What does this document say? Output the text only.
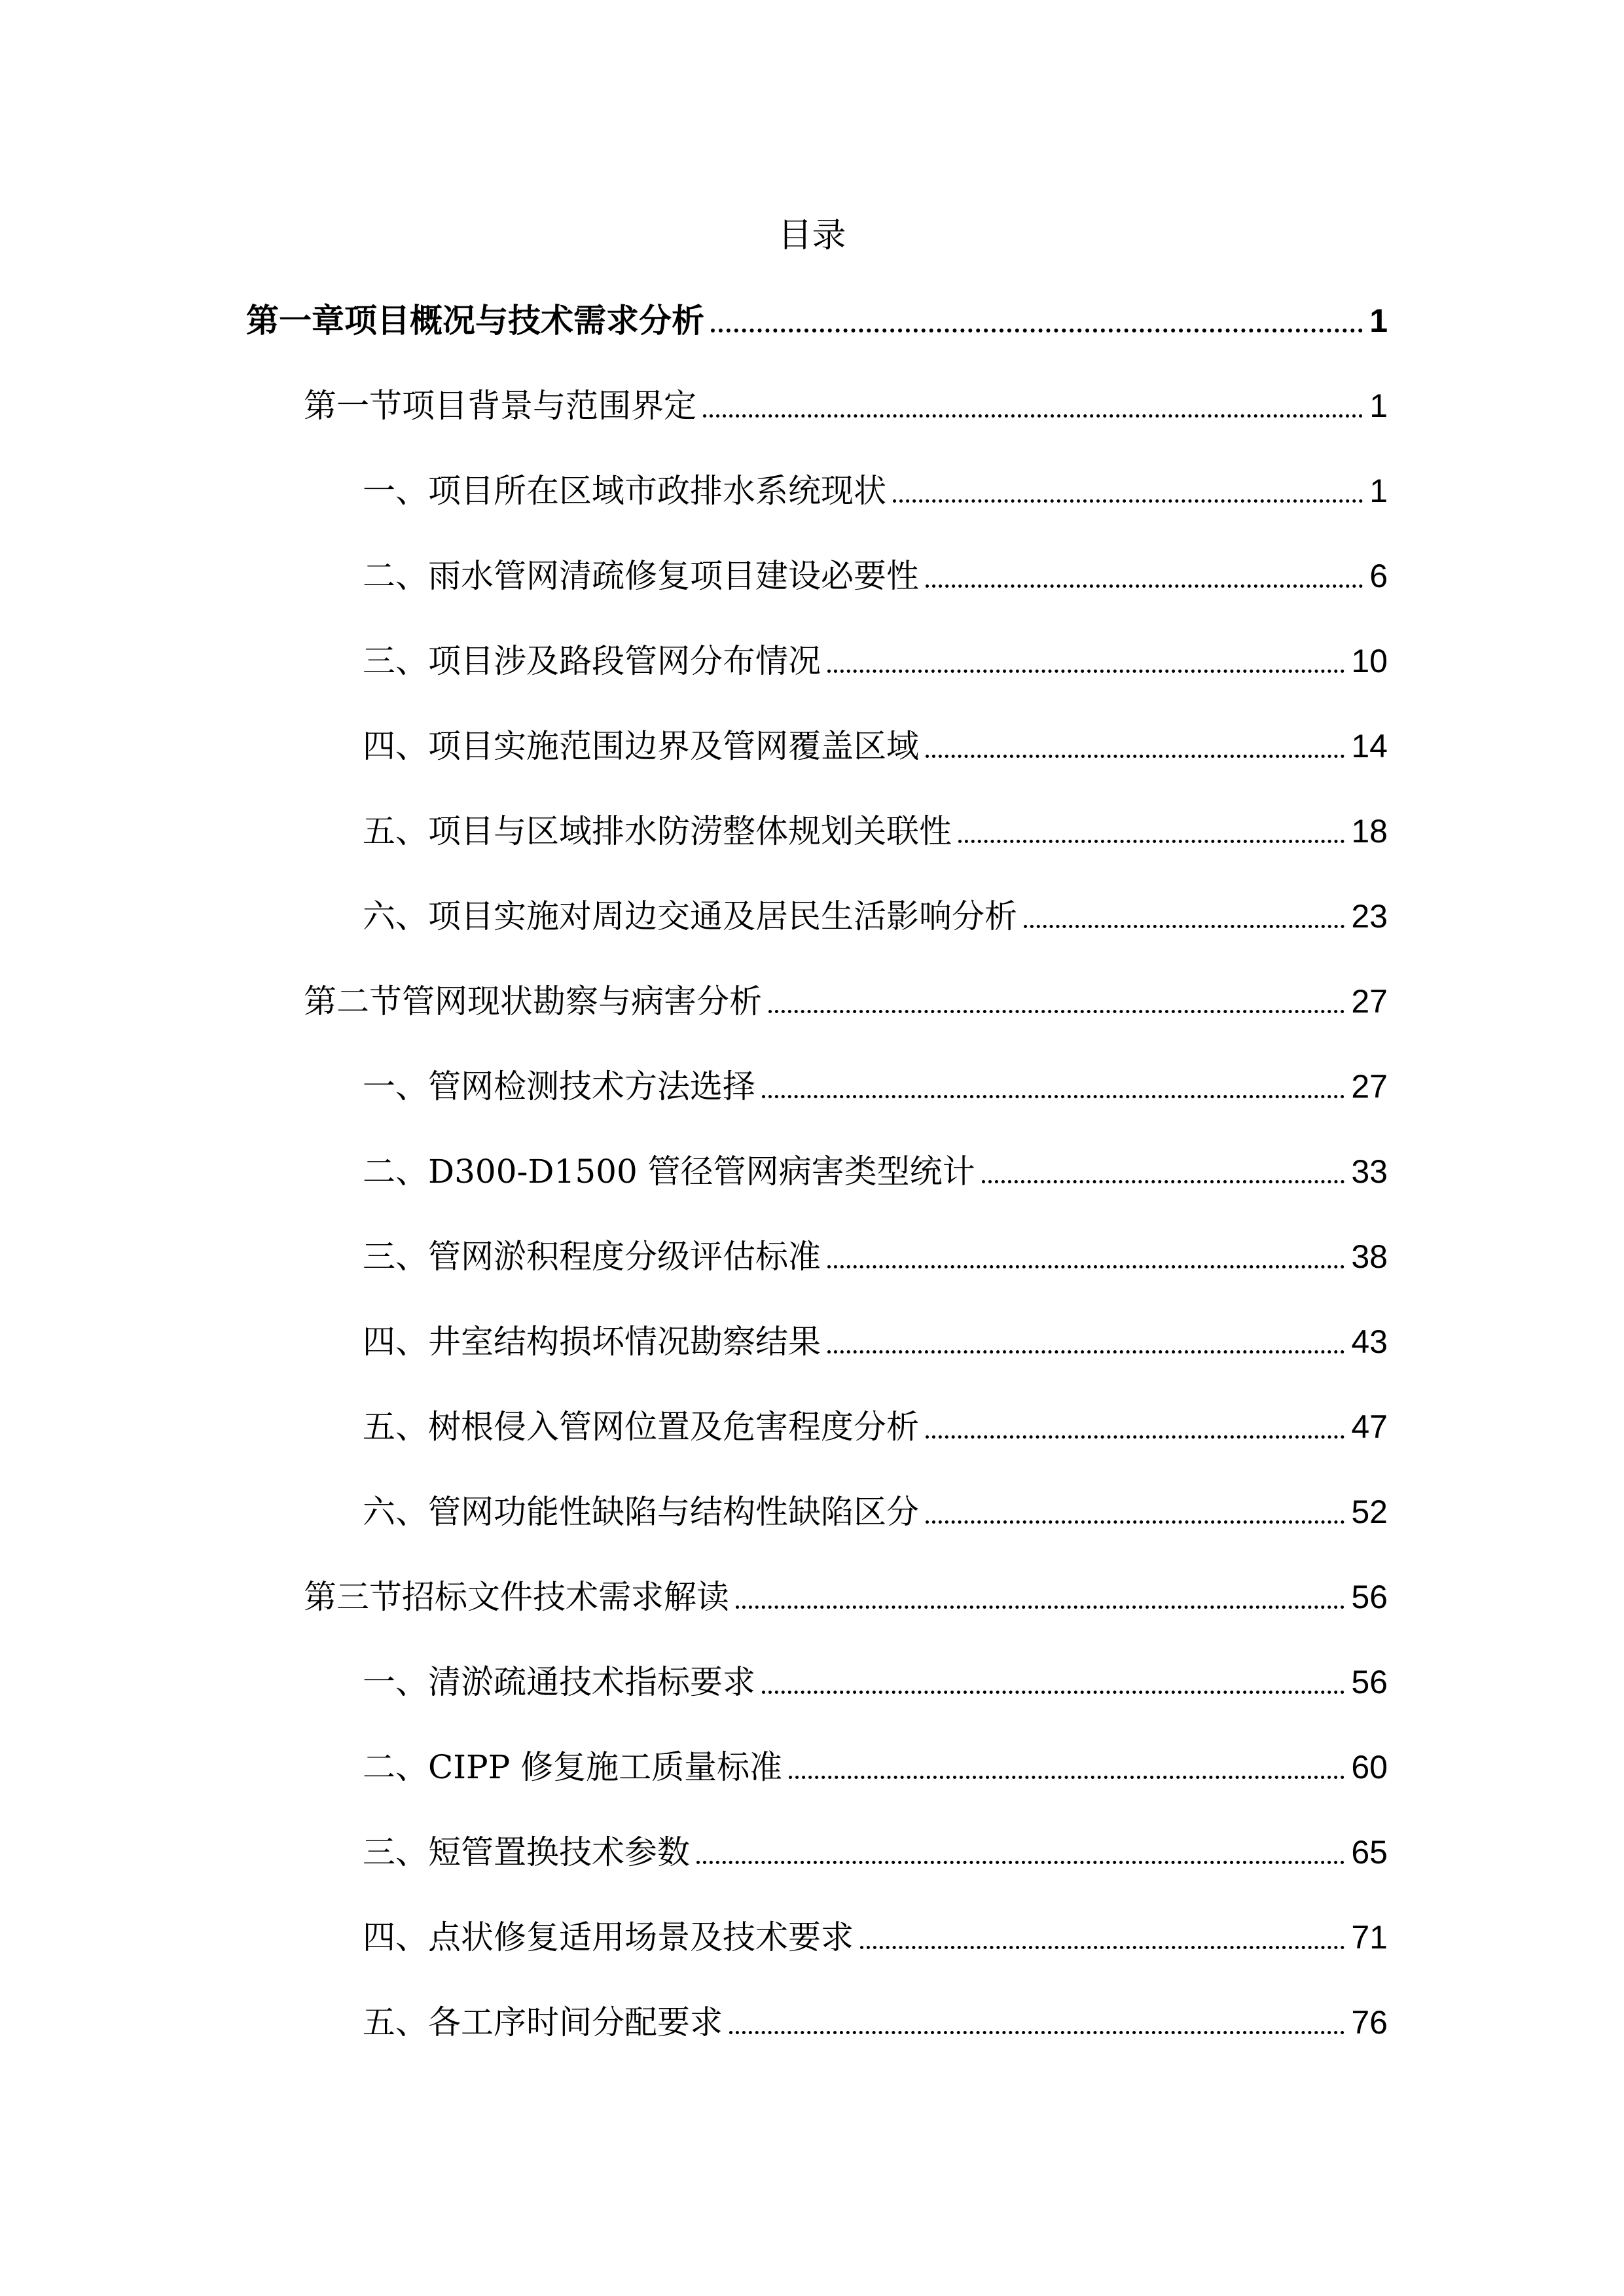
目录
第一章项目概况与技术需求分析	1
第一节项目背景与范围界定	1
一、项目所在区域市政排水系统现状	1
二、雨水管网清疏修复项目建设必要性	6
三、项目涉及路段管网分布情况	10
四、项目实施范围边界及管网覆盖区域	14
五、项目与区域排水防涝整体规划关联性	18
六、项目实施对周边交通及居民生活影响分析	23
第二节管网现状勘察与病害分析	27
一、管网检测技术方法选择	27
二、D300-D1500 管径管网病害类型统计	33
三、管网淤积程度分级评估标准	38
四、井室结构损坏情况勘察结果	43
五、树根侵入管网位置及危害程度分析	47
六、管网功能性缺陷与结构性缺陷区分	52
第三节招标文件技术需求解读	56
一、清淤疏通技术指标要求	56
二、CIPP 修复施工质量标准	60
三、短管置换技术参数	65
四、点状修复适用场景及技术要求	71
五、各工序时间分配要求	76
